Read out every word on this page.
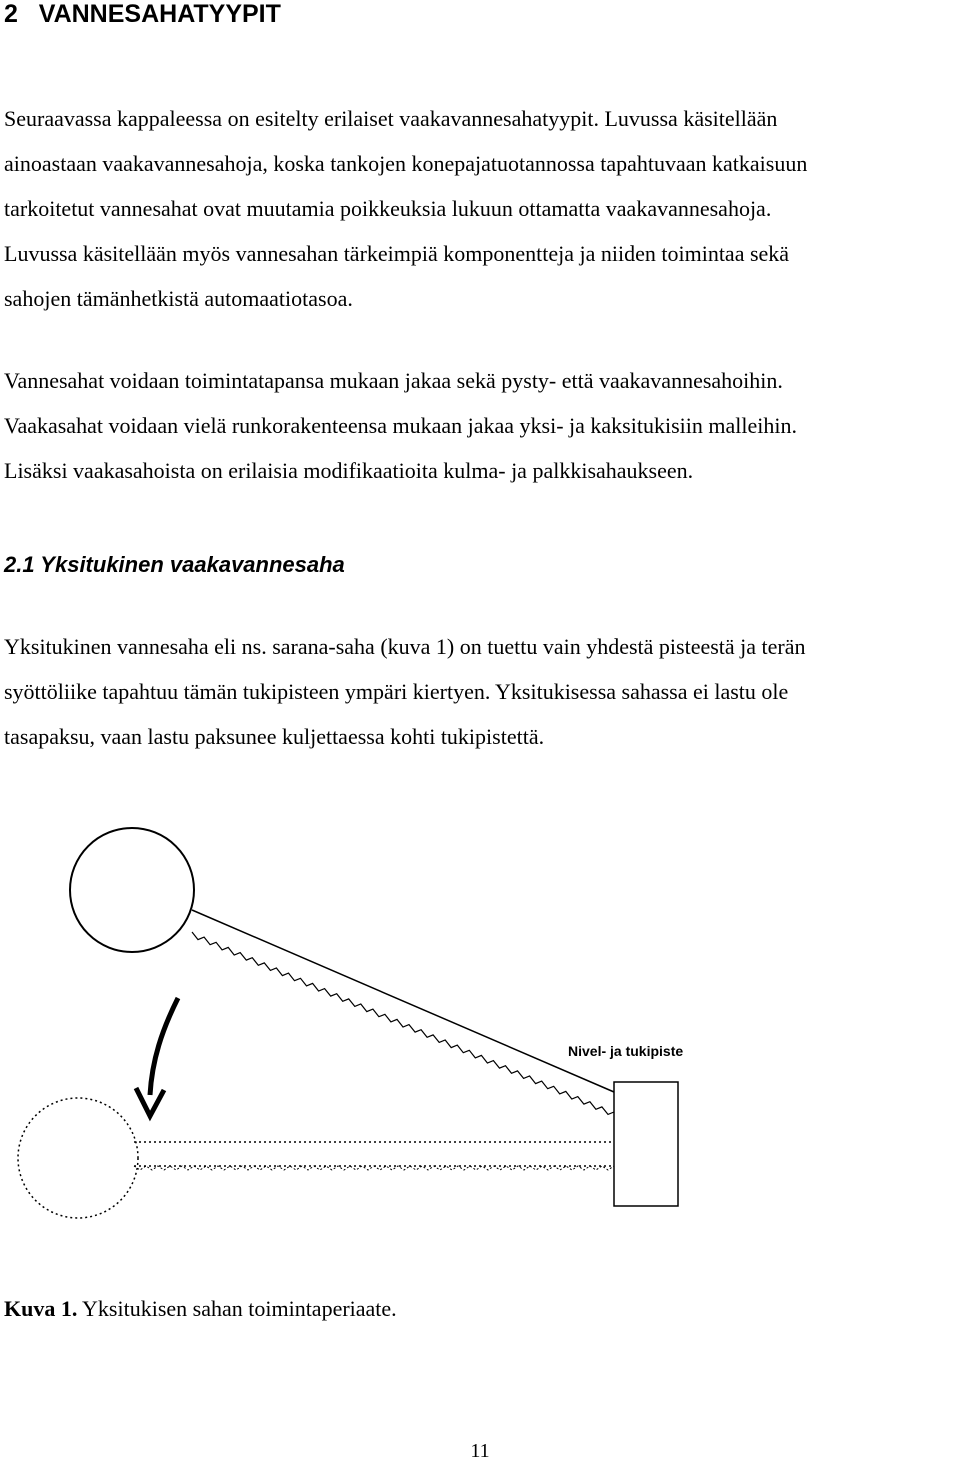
2 VANNESAHATYYPIT

Seuraavassa kappaleessa on esitelty erilaiset vaakavannesahatyypit. Luvussa käsitellään
ainoastaan vaakavannesahoja, koska tankojen konepajatuotannossa tapahtuvaan katkaisuun
tarkoitetut vannesahat ovat muutamia poikkeuksia lukuun ottamatta vaakavannesahoja.
Luvussa käsitellään myös vannesahan tärkeimpiä komponentteja ja niiden toimintaa sekä
sahojen tämänhetkistä automaatiotasoa.

Vannesahat voidaan toimintatapansa mukaan jakaa sekä pysty- että vaakavannesahoihin.
Vaakasahat voidaan vielä runkorakenteensa mukaan jakaa yksi- ja kaksitukisiin malleihin.
Lisäksi vaakasahoista on erilaisia modifikaatioita kulma- ja palkkisahaukseen.

2.1 Yksitukinen vaakavannesaha

Yksitukinen vannesaha eli ns. sarana-saha (kuva 1) on tuettu vain yhdestä pisteestä ja terän
syöttöliike tapahtuu tämän tukipisteen ympäri kiertyen. Yksitukisessa sahassa ei lastu ole
tasapaksu, vaan lastu paksunee kuljettaessa kohti tukipistettä.

Nivel- ja tukipiste
Kuva 1. Yksitukisen sahan toimintaperiaate.
11
